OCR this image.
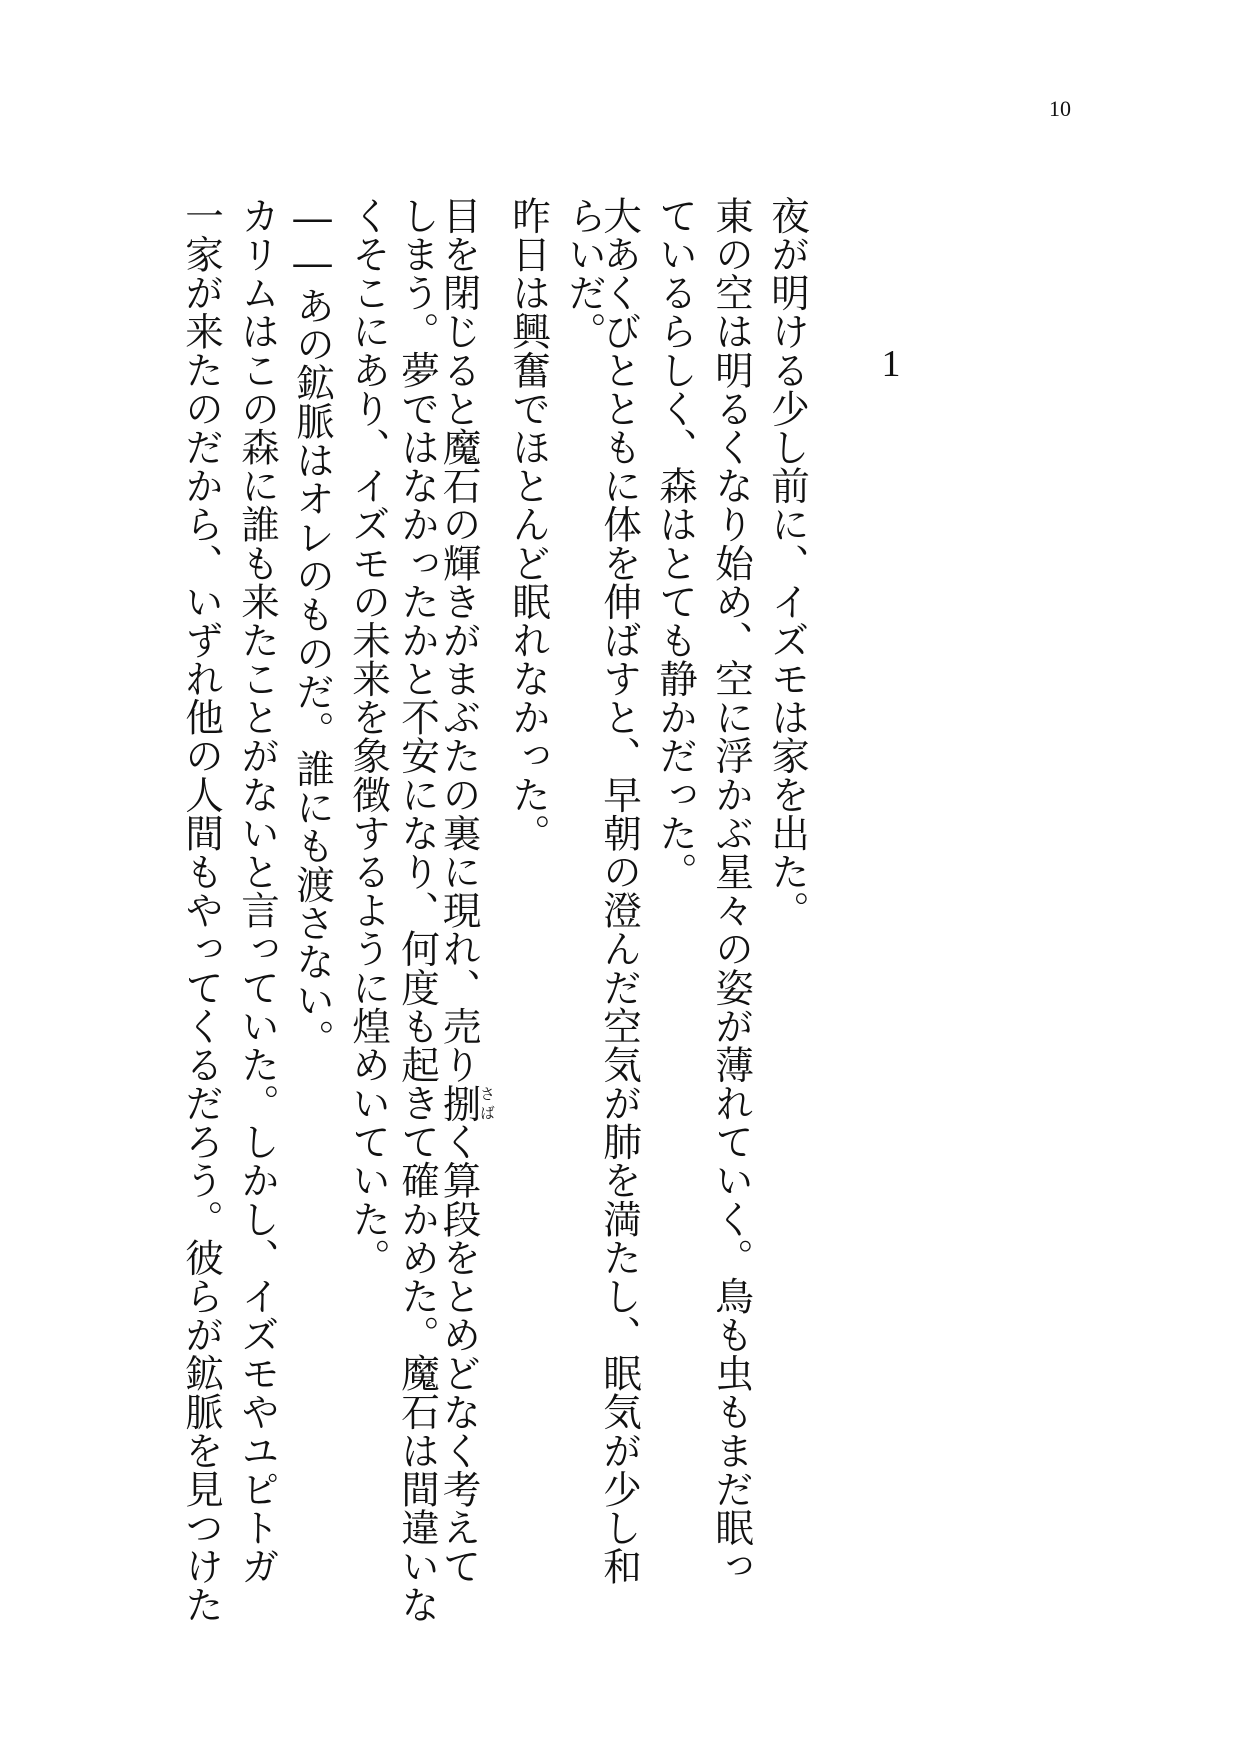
10
1
夜が明ける少し前に、イズモは家を出た。
東の空は明るくなり始め、空に浮かぶ星々の姿が薄れていく。鳥も虫もまだ眠っ
ているらしく、森はとても静かだった。
大あくびとともに体を伸ばすと、早朝の澄んだ空気が肺を満たし、眠気が少し和
らいだ。
昨日は興奮でほとんど眠れなかった。
目を閉じると魔石の輝きがまぶたの裏に現れ、売り捌さばく算段をとめどなく考えて
しまう。夢ではなかったかと不安になり、何度も起きて確かめた。魔石は間違いな
くそこにあり、イズモの未来を象徴するように煌めいていた。
――あの鉱脈はオレのものだ。誰にも渡さない。
カリムはこの森に誰も来たことがないと言っていた。しかし、イズモやユピトガ
一家が来たのだから、いずれ他の人間もやってくるだろう。彼らが鉱脈を見つけた
